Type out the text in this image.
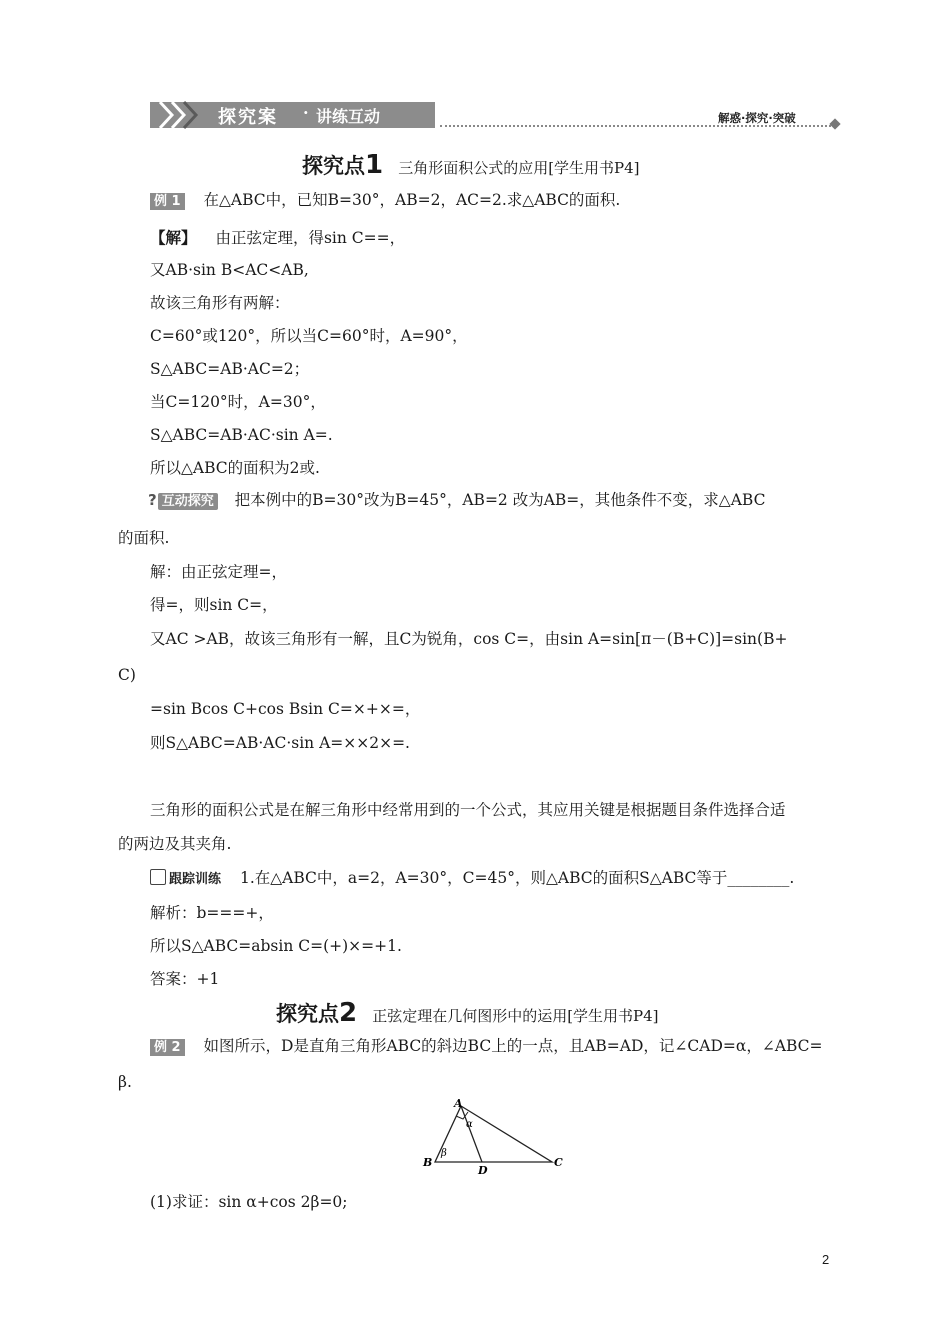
探究案 · 讲练互动	解惑·探究·突破
探究点1 三角形面积公式的应用[学生用书P4]
例 1 在△ABC中，已知B=30°，AB=2，AC=2.求△ABC的面积.
【解】 由正弦定理，得sin C==，
又AB·sin B<AC<AB,
故该三角形有两解：
C=60°或120°，所以当C=60°时，A=90°，
S△ABC=AB·AC=2；
当C=120°时，A=30°，
S△ABC=AB·AC·sin A=.
所以△ABC的面积为2或.
? 互动探究 把本例中的B=30°改为B=45°，AB=2 改为AB=，其他条件不变，求△ABC
的面积.
解：由正弦定理=，
得=，则sin C=，
又AC >AB，故该三角形有一解，且C为锐角，cos C=，由sin A=sin[π－(B+C)]=sin(B+
C)
=sin Bcos C+cos Bsin C=×+×=，
则S△ABC=AB·AC·sin A=××2×=.
三角形的面积公式是在解三角形中经常用到的一个公式，其应用关键是根据题目条件选择合适
的两边及其夹角.
跟踪训练 1.在△ABC中，a=2，A=30°，C=45°，则△ABC的面积S△ABC等于________.
解析：b===+，
所以S△ABC=absin C=(+)×=+1.
答案：+1
探究点2 正弦定理在几何图形中的运用[学生用书P4]
例 2 如图所示，D是直角三角形ABC的斜边BC上的一点，且AB=AD，记∠CAD=α，∠ABC=
β.
A
B	C
D
α
β
(1)求证：sin α+cos 2β=0;
2
